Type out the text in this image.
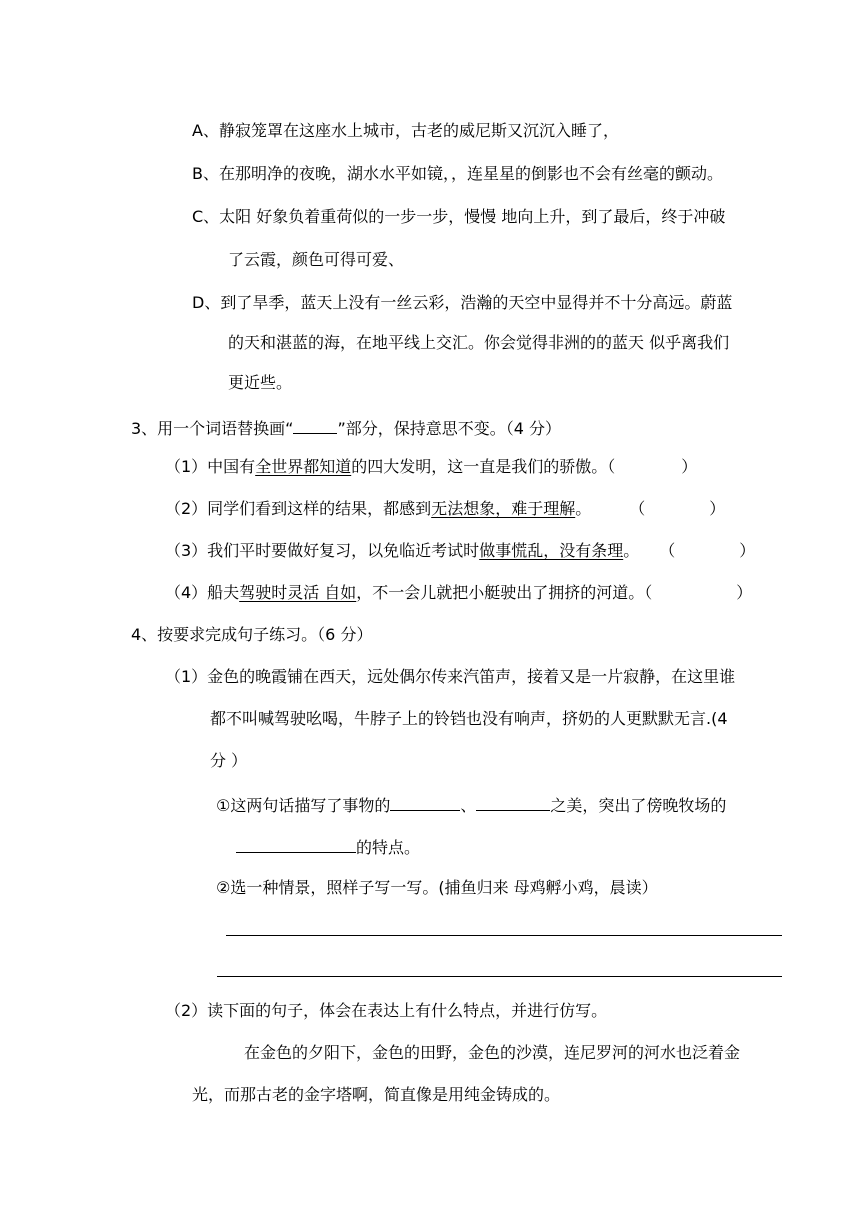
A、静寂笼罩在这座水上城市，古老的威尼斯又沉沉入睡了，
B、在那明净的夜晚，湖水水平如镜，，连星星的倒影也不会有丝毫的颤动。
C、太阳 好象负着重荷似的一步一步，慢慢 地向上升，到了最后，终于冲破
了云霞，颜色可得可爱、
D、到了旱季，蓝天上没有一丝云彩，浩瀚的天空中显得并不十分高远。蔚蓝
的天和湛蓝的海，在地平线上交汇。你会觉得非洲的的蓝天 似乎离我们
更近些。
3、用一个词语替换画“	”部分，保持意思不变。（4 分）
（1）中国有全世界都知道的四大发明，这一直是我们的骄傲。（	）
（2）同学们看到这样的结果，都感到无法想象，难于理解。 （	）
（3）我们平时要做好复习，以免临近考试时做事慌乱，没有条理。 （	）
（4）船夫驾驶时灵活 自如，不一会儿就把小艇驶出了拥挤的河道。（	）
4、按要求完成句子练习。（6 分）
（1）金色的晚霞铺在西天，远处偶尔传来汽笛声，接着又是一片寂静，在这里谁
都不叫喊驾驶吆喝，牛脖子上的铃铛也没有响声，挤奶的人更默默无言.(4
分 ）
①这两句话描写了事物的	、	之美，突出了傍晚牧场的
的特点。
②选一种情景，照样子写一写。(捕鱼归来 母鸡孵小鸡，晨读）
（2）读下面的句子，体会在表达上有什么特点，并进行仿写。
在金色的夕阳下，金色的田野，金色的沙漠，连尼罗河的河水也泛着金
光，而那古老的金字塔啊，简直像是用纯金铸成的。
